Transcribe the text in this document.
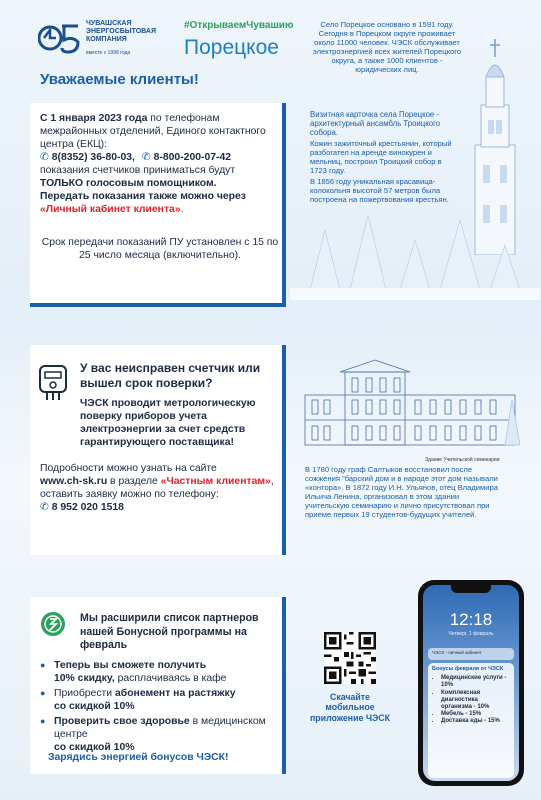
ЧУВАШСКАЯ
ЭНЕРГОСБЫТОВАЯ
КОМПАНИЯ
вместе с 1998 года
#ОткрываемЧувашию
Порецкое
Село Порецкое основано в 1591 году. Сегодня в Порецком округе проживает около 11000 человек. ЧЭСК обслуживает электроэнергией всех жителей Порецкого округа, а также 1000 клиентов - юридических лиц.
Уважаемые клиенты!
С 1 января 2023 года по телефонам межрайонных отделений, Единого контактного центра (ЕКЦ):
✆ 8(8352) 36-80-03, ✆ 8-800-200-07-42
показания счетчиков приниматься будут
ТОЛЬКО голосовым помощником.
Передать показания также можно через
«Личный кабинет клиента».
Срок передачи показаний ПУ установлен с 15 по 25 число месяца (включительно).
Визитная карточка села Порецкое - архитектурный ансамбль Троицкого собора.
Кожин зажиточный крестьянин, который разбогател на аренде винокурен и мельниц, построил Троицкий собор в 1723 году.
В 1856 году уникальная красавица-колокольня высотой 57 метров была построена на пожертвования крестьян.
У вас неисправен счетчик или вышел срок поверки?
ЧЭСК проводит метрологическую поверку приборов учета электроэнергии за счет средств гарантирующего поставщика!
Подробности можно узнать на сайте
www.ch-sk.ru в разделе «Частным клиентам»,
оставить заявку можно по телефону:
✆ 8 952 020 1518
Здание Учительской семинарии
В 1780 году граф Салтыков восстановил после сожжения "барский дом и в народе этот дом называли «контора». В 1872 году И.Н. Ульянов, отец Владимира Ильича Ленина, организовал в этом здании учительскую семинарию и лично присутствовал при приеме первых 19 студентов-будущих учителей.
Мы расширили список партнеров нашей Бонусной программы на февраль
● Теперь вы сможете получить
10% скидку, расплачиваясь в кафе
● Приобрести абонемент на растяжку
со скидкой 10%
● Проверить свое здоровье в медицинском центре
со скидкой 10%
Зарядись энергией бонусов ЧЭСК!
Скачайте мобильное приложение ЧЭСК
12:18
Четверг, 1 февраль
ЧЭСК - личный кабинет
Бонусы февраля от ЧЭСК
• Медицинские услуги - 10%
• Комплексная диагностика организма - 10%
• Мебель - 15%
• Доставка еды - 15%
